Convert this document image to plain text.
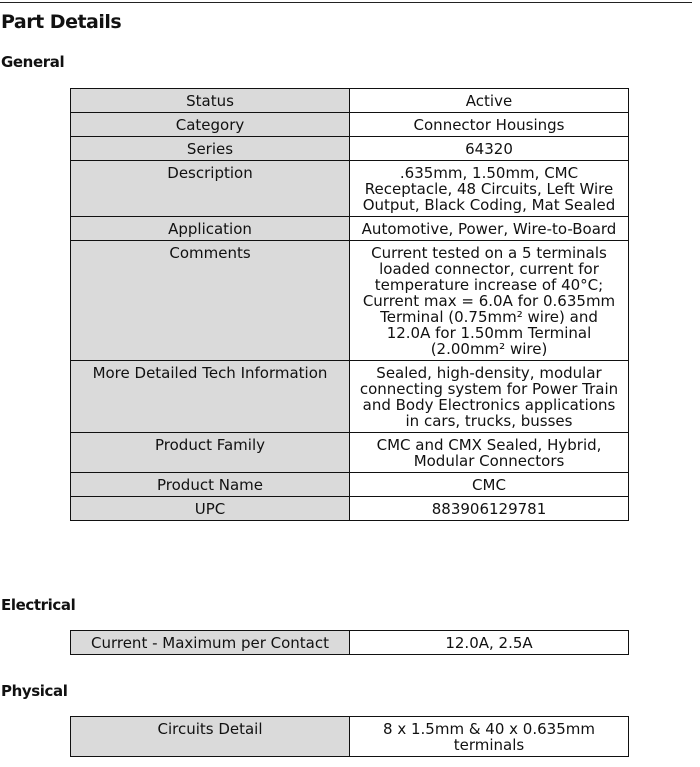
Part Details
General
Status	Active
Category	Connector Housings
Series	64320
Description	.635mm, 1.50mm, CMC Receptacle, 48 Circuits, Left Wire Output, Black Coding, Mat Sealed
Application	Automotive, Power, Wire-to-Board
Comments	Current tested on a 5 terminals loaded connector, current for temperature increase of 40°C; Current max = 6.0A for 0.635mm Terminal (0.75mm² wire) and 12.0A for 1.50mm Terminal (2.00mm² wire)
More Detailed Tech Information	Sealed, high-density, modular connecting system for Power Train and Body Electronics applications in cars, trucks, busses
Product Family	CMC and CMX Sealed, Hybrid, Modular Connectors
Product Name	CMC
UPC	883906129781
Electrical
Current - Maximum per Contact	12.0A, 2.5A
Physical
Circuits Detail	8 x 1.5mm & 40 x 0.635mm terminals
